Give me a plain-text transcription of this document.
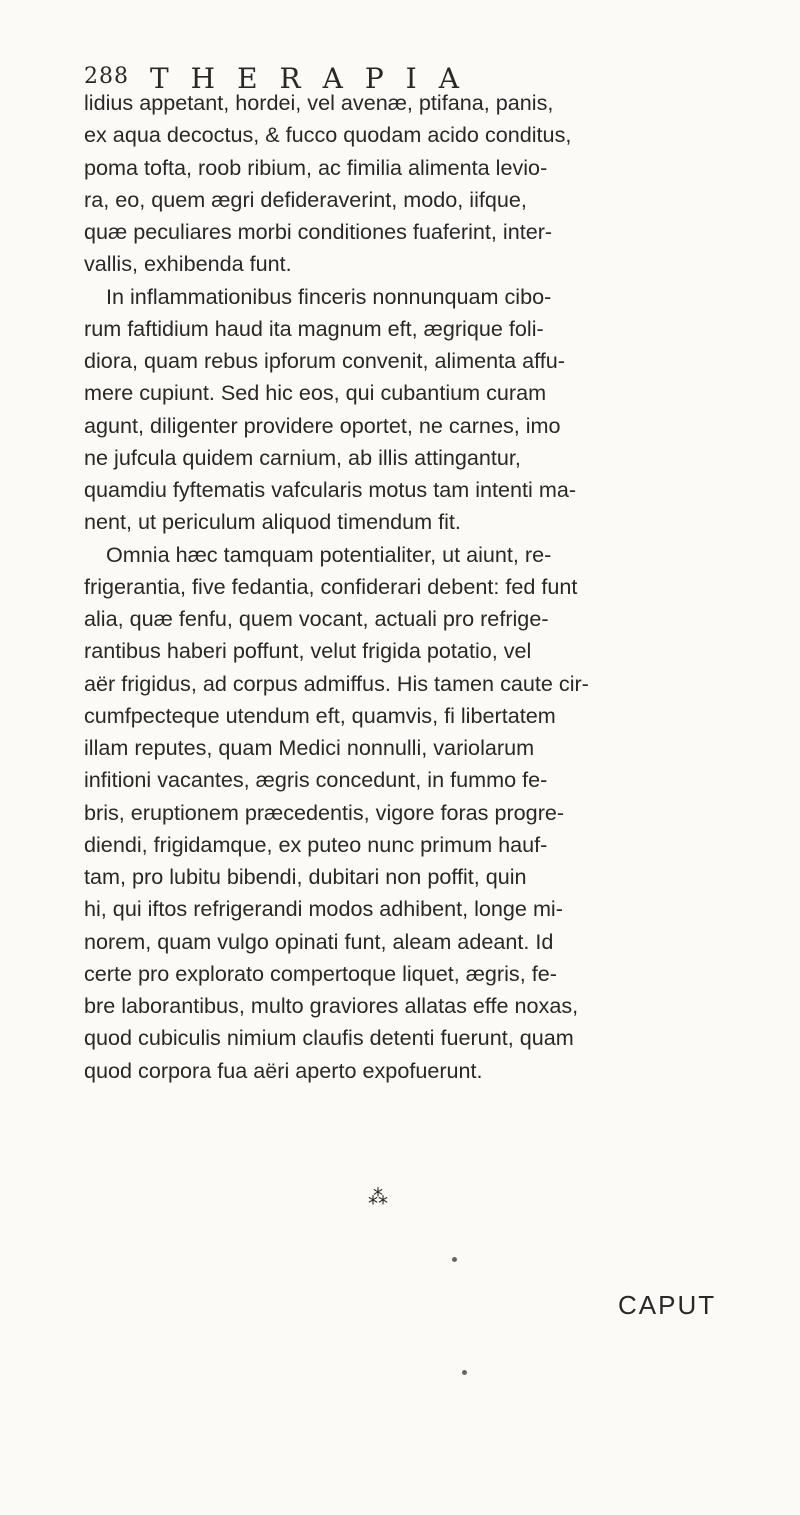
288 THERAPIA
lidius appetant, hordei, vel avenæ, ptifana, panis,
ex aqua decoctus, & fucco quodam acido conditus,
poma tofta, roob ribium, ac fimilia alimenta levio-
ra, eo, quem ægri defideraverint, modo, iifque,
quæ peculiares morbi conditiones fuaferint, inter-
vallis, exhibenda funt.
In inflammationibus finceris nonnunquam cibo-
rum faftidium haud ita magnum eft, ægrique foli-
diora, quam rebus ipforum convenit, alimenta affu-
mere cupiunt. Sed hic eos, qui cubantium curam
agunt, diligenter providere oportet, ne carnes, imo
ne jufcula quidem carnium, ab illis attingantur,
quamdiu fyftematis vafcularis motus tam intenti ma-
nent, ut periculum aliquod timendum fit.
Omnia hæc tamquam potentialiter, ut aiunt, re-
frigerantia, five fedantia, confiderari debent: fed funt
alia, quæ fenfu, quem vocant, actuali pro refrige-
rantibus haberi poffunt, velut frigida potatio, vel
aër frigidus, ad corpus admiffus. His tamen caute cir-
cumfpecteque utendum eft, quamvis, fi libertatem
illam reputes, quam Medici nonnulli, variolarum
infitioni vacantes, ægris concedunt, in fummo fe-
bris, eruptionem præcedentis, vigore foras progre-
diendi, frigidamque, ex puteo nunc primum hauf-
tam, pro lubitu bibendi, dubitari non poffit, quin
hi, qui iftos refrigerandi modos adhibent, longe mi-
norem, quam vulgo opinati funt, aleam adeant. Id
certe pro explorato compertoque liquet, ægris, fe-
bre laborantibus, multo graviores allatas effe noxas,
quod cubiculis nimium claufis detenti fuerunt, quam
quod corpora fua aëri aperto expofuerunt.
⁂
CAPUT
